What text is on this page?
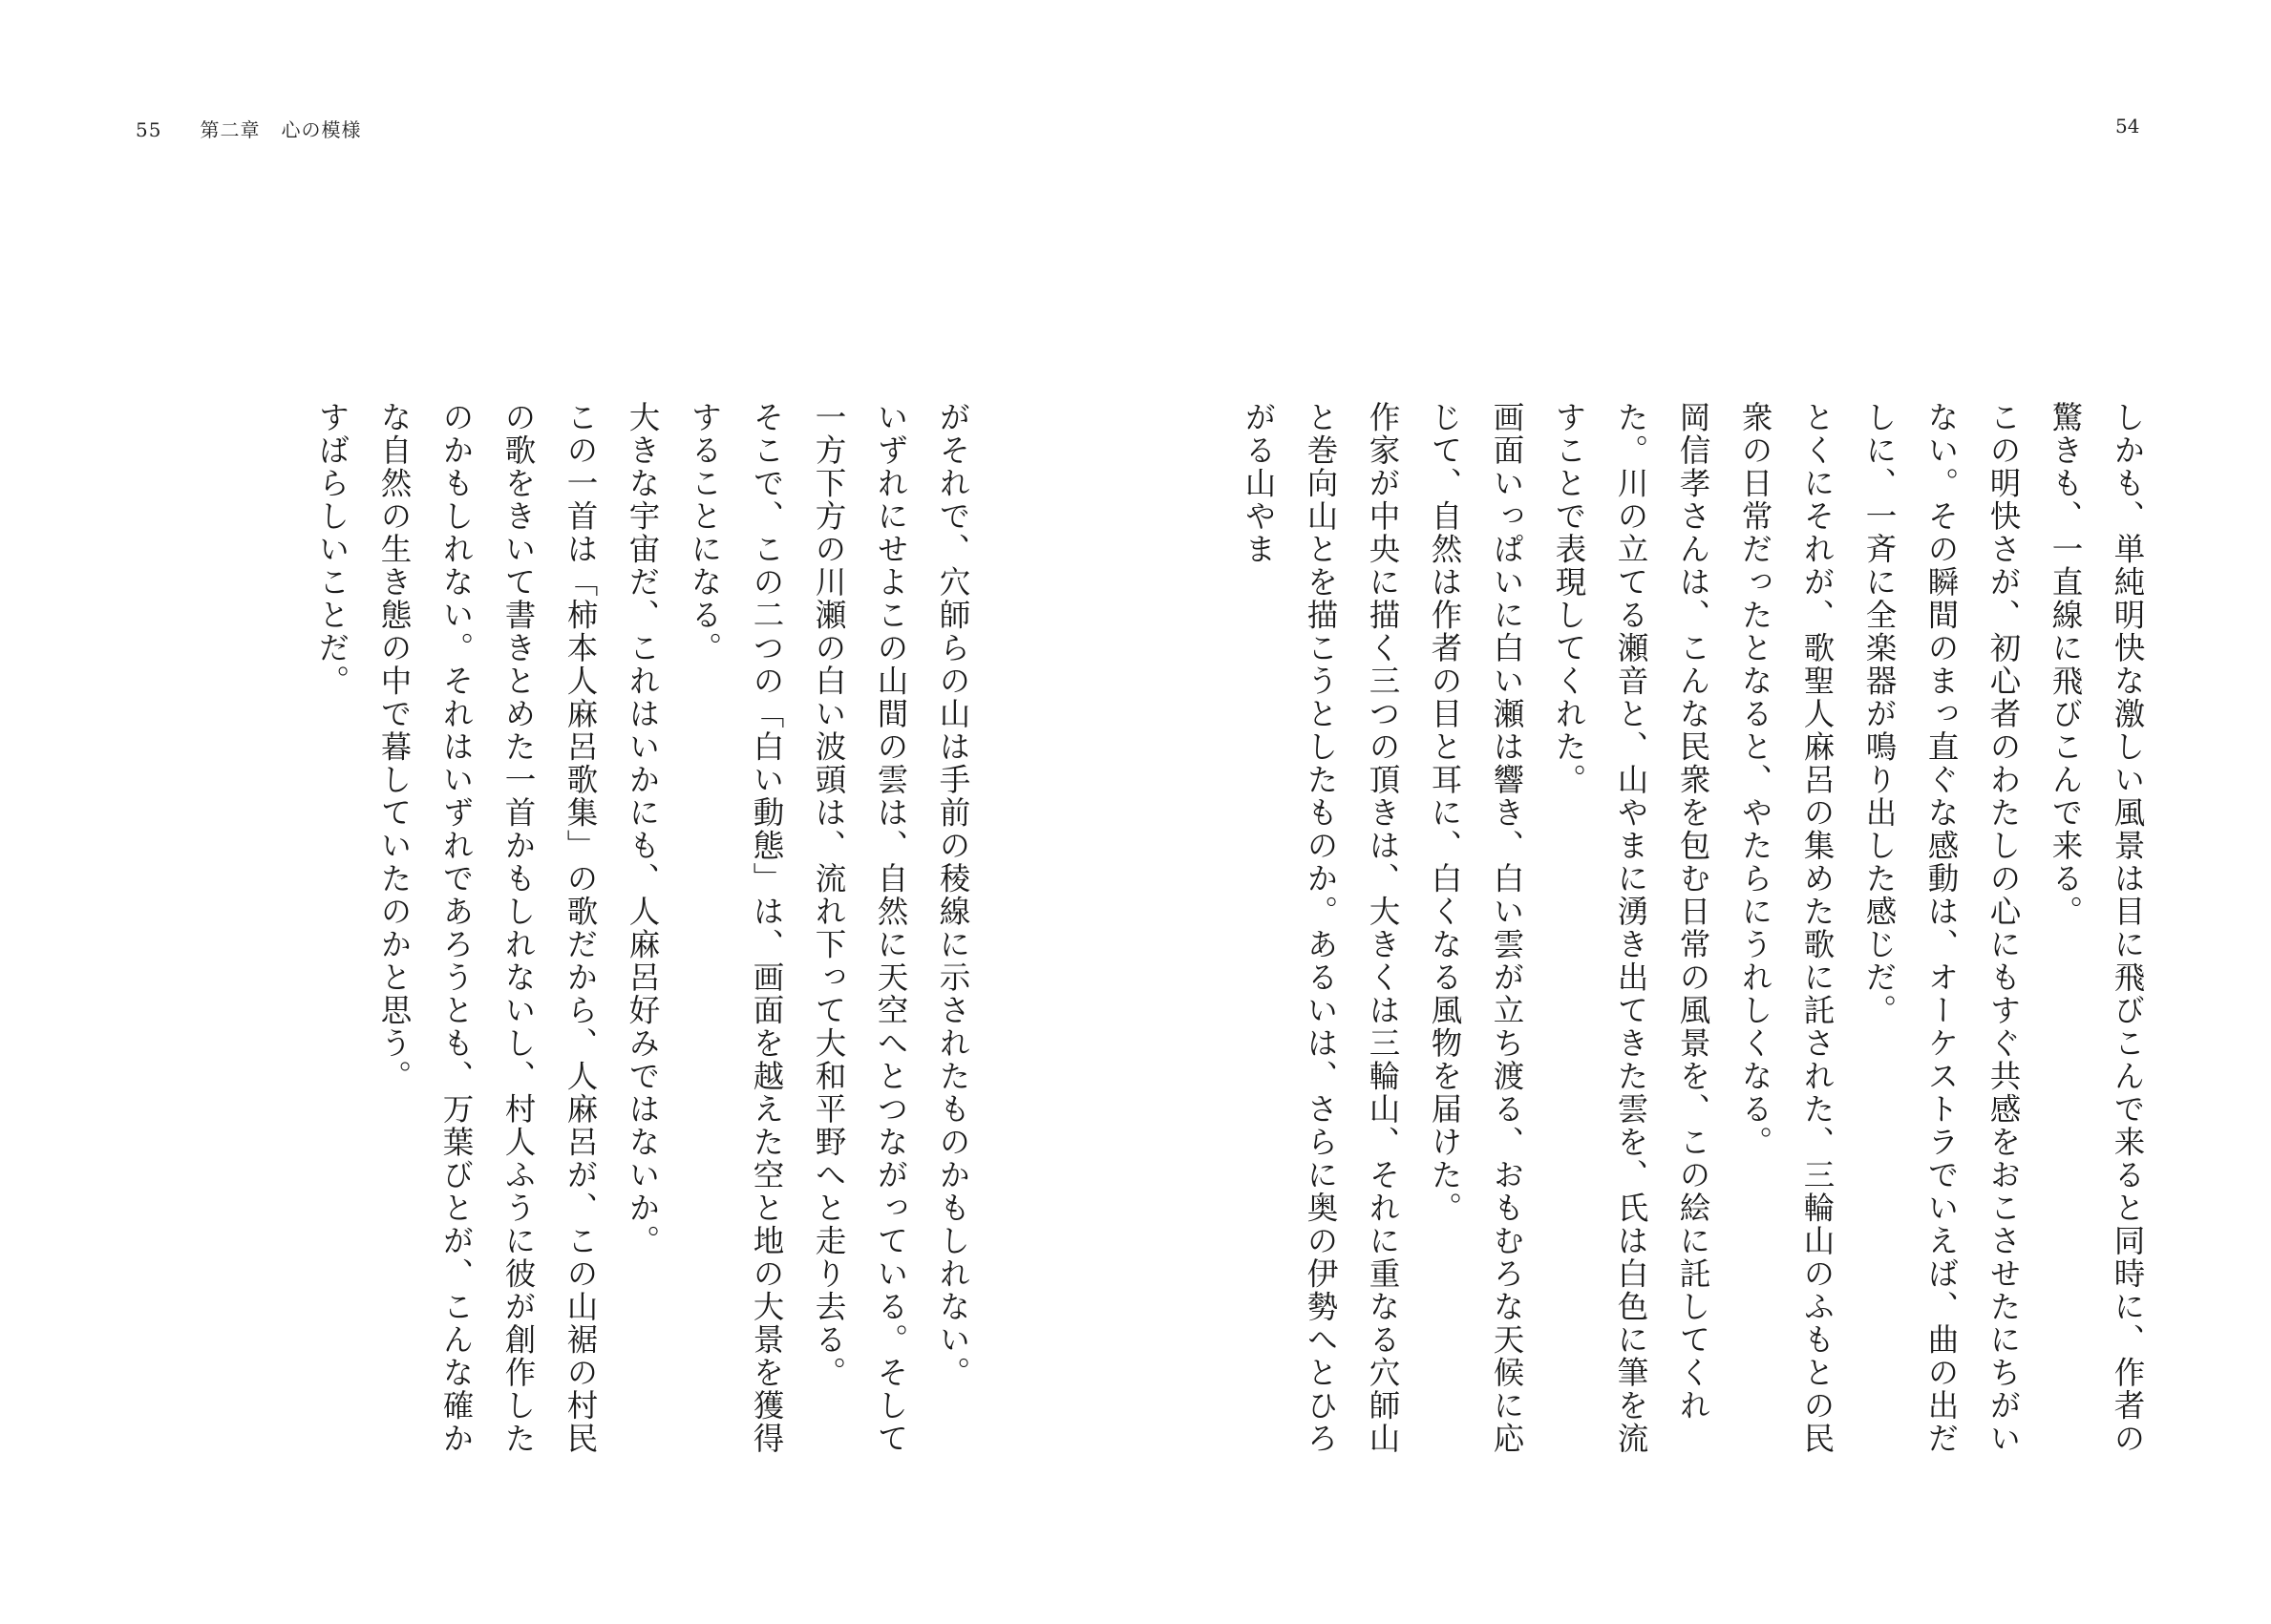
55 第二章 心の模様	54

しかも、単純明快な激しい風景は目に飛びこんで来ると同時に、作者の驚きも、一直線に飛びこんで来る。

この明快さが、初心者のわたしの心にもすぐ共感をおこさせたにちがいない。その瞬間のまっ直ぐな感動は、オーケストラでいえば、曲の出だしに、一斉に全楽器が鳴り出した感じだ。

とくにそれが、歌聖人麻呂の集めた歌に託された、三輪山のふもとの民衆の日常だったとなると、やたらにうれしくなる。

岡信孝さんは、こんな民衆を包む日常の風景を、この絵に託してくれた。川の立てる瀬音と、山やまに湧き出てきた雲を、氏は白色に筆を流すことで表現してくれた。

画面いっぱいに白い瀬は響き、白い雲が立ち渡る、おもむろな天候に応じて、自然は作者の目と耳に、白くなる風物を届けた。

作家が中央に描く三つの頂きは、大きくは三輪山、それに重なる穴師山と巻向山とを描こうとしたものか。あるいは、さらに奥の伊勢へとひろがる山やま

がそれで、穴師らの山は手前の稜線に示されたものかもしれない。

いずれにせよこの山間の雲は、自然に天空へとつながっている。そして一方下方の川瀬の白い波頭は、流れ下って大和平野へと走り去る。

そこで、この二つの「白い動態」は、画面を越えた空と地の大景を獲得することになる。

大きな宇宙だ、これはいかにも、人麻呂好みではないか。

この一首は「柿本人麻呂歌集」の歌だから、人麻呂が、この山裾の村民の歌をきいて書きとめた一首かもしれないし、村人ふうに彼が創作したのかもしれない。それはいずれであろうとも、万葉びとが、こんな確かな自然の生き態の中で暮していたのかと思う。

すばらしいことだ。
